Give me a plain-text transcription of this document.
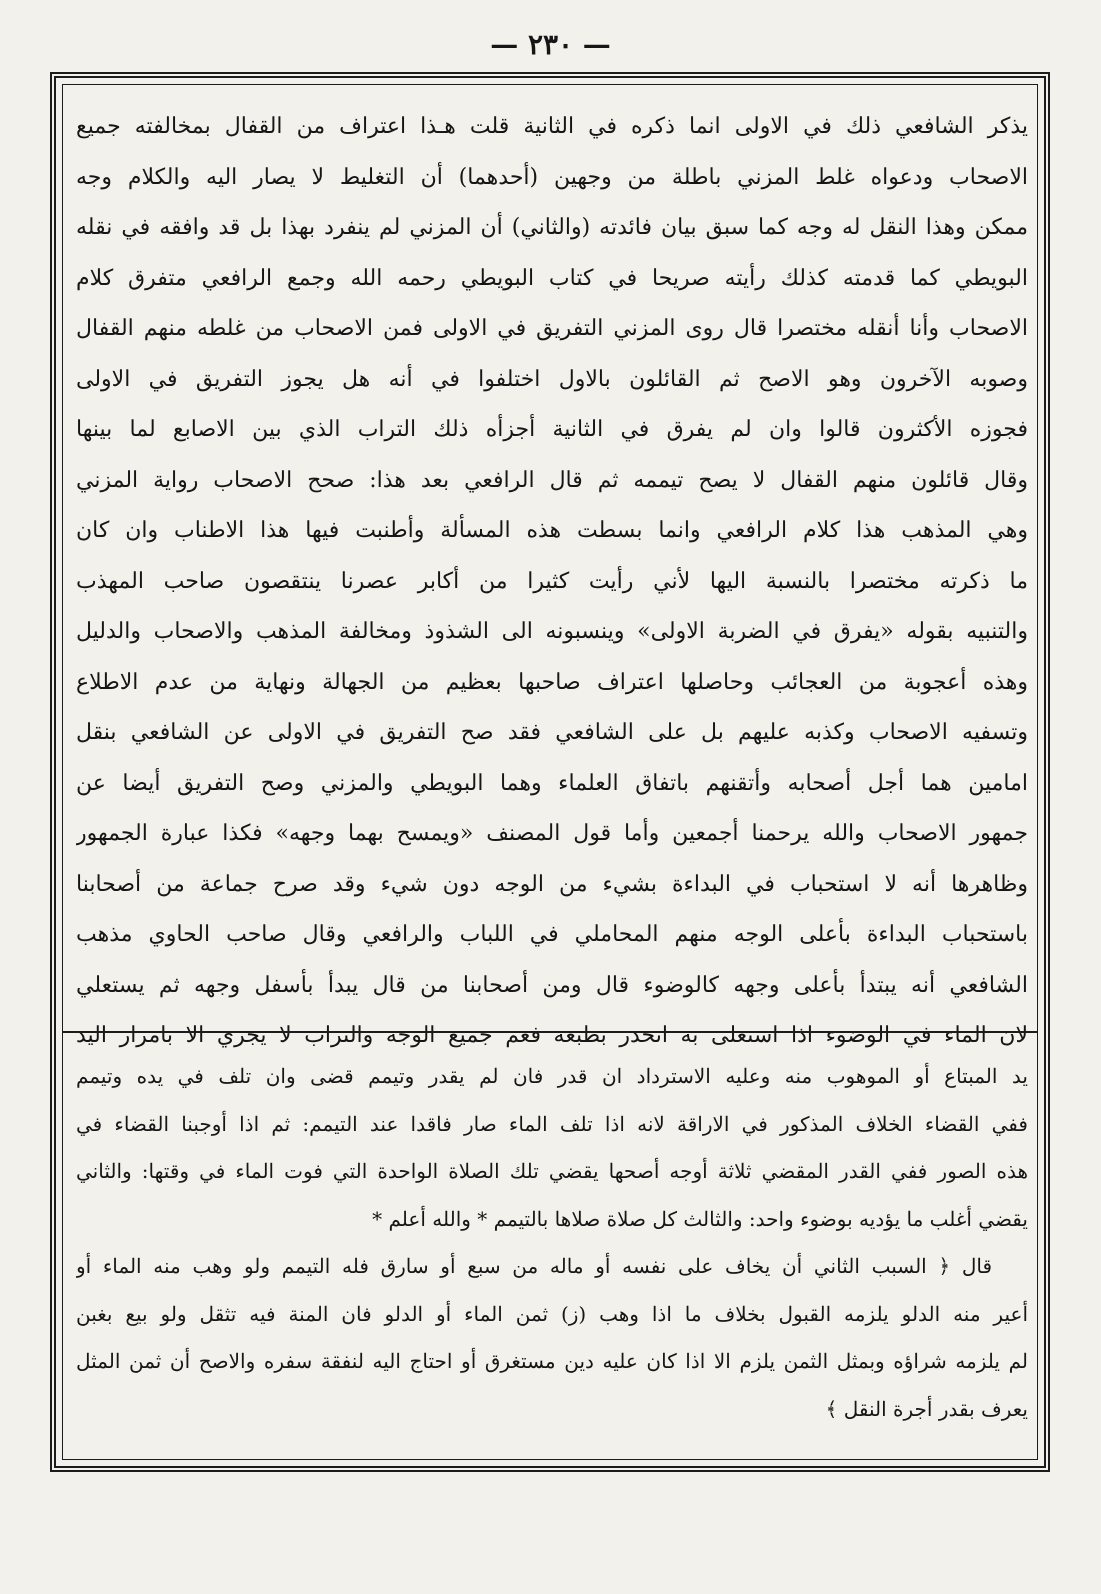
— ٢٣٠ —
يذكر الشافعي ذلك في الاولى انما ذكره في الثانية قلت هـذا اعتراف من القفال بمخالفته جميع
الاصحاب ودعواه غلط المزني باطلة من وجهين (أحدهما) أن التغليط لا يصار اليه والكلام وجه
ممكن وهذا النقل له وجه كما سبق بيان فائدته (والثاني) أن المزني لم ينفرد بهذا بل قد وافقه في نقله
البويطي كما قدمته كذلك رأيته صريحا في كتاب البويطي رحمه الله وجمع الرافعي متفرق كلام
الاصحاب وأنا أنقله مختصرا قال روى المزني التفريق في الاولى فمن الاصحاب من غلطه منهم القفال
وصوبه الآخرون وهو الاصح ثم القائلون بالاول اختلفوا في أنه هل يجوز التفريق في الاولى
فجوزه الأكثرون قالوا وان لم يفرق في الثانية أجزأه ذلك التراب الذي بين الاصابع لما بينها
وقال قائلون منهم القفال لا يصح تيممه ثم قال الرافعي بعد هذا: صحح الاصحاب رواية المزني
وهي المذهب هذا كلام الرافعي وانما بسطت هذه المسألة وأطنبت فيها هذا الاطناب وان كان
ما ذكرته مختصرا بالنسبة اليها لأني رأيت كثيرا من أكابر عصرنا ينتقصون صاحب المهذب
والتنبيه بقوله «يفرق في الضربة الاولى» وينسبونه الى الشذوذ ومخالفة المذهب والاصحاب والدليل
وهذه أعجوبة من العجائب وحاصلها اعتراف صاحبها بعظيم من الجهالة ونهاية من عدم الاطلاع
وتسفيه الاصحاب وكذبه عليهم بل على الشافعي فقد صح التفريق في الاولى عن الشافعي بنقل
امامين هما أجل أصحابه وأتقنهم باتفاق العلماء وهما البويطي والمزني وصح التفريق أيضا عن
جمهور الاصحاب والله يرحمنا أجمعين وأما قول المصنف «ويمسح بهما وجهه» فكذا عبارة الجمهور
وظاهرها أنه لا استحباب في البداءة بشيء من الوجه دون شيء وقد صرح جماعة من أصحابنا
باستحباب البداءة بأعلى الوجه منهم المحاملي في اللباب والرافعي وقال صاحب الحاوي مذهب
الشافعي أنه يبتدأ بأعلى وجهه كالوضوء قال ومن أصحابنا من قال يبدأ بأسفل وجهه ثم يستعلي
لان الماء في الوضوء اذا استعلى به انحدر بطبعه فعم جميع الوجه والتراب لا يجري الا بامرار اليد
يد المبتاع أو الموهوب منه وعليه الاسترداد ان قدر فان لم يقدر وتيمم قضى وان تلف في يده وتيمم
ففي القضاء الخلاف المذكور في الاراقة لانه اذا تلف الماء صار فاقدا عند التيمم: ثم اذا أوجبنا القضاء في
هذه الصور ففي القدر المقضي ثلاثة أوجه أصحها يقضي تلك الصلاة الواحدة التي فوت الماء في وقتها: والثاني
يقضي أغلب ما يؤديه بوضوء واحد: والثالث كل صلاة صلاها بالتيمم * والله أعلم *
قال ﴿ السبب الثاني أن يخاف على نفسه أو ماله من سبع أو سارق فله التيمم ولو وهب منه الماء أو
أعير منه الدلو يلزمه القبول بخلاف ما اذا وهب (ز) ثمن الماء أو الدلو فان المنة فيه تثقل ولو بيع بغبن
لم يلزمه شراؤه وبمثل الثمن يلزم الا اذا كان عليه دين مستغرق أو احتاج اليه لنفقة سفره والاصح أن ثمن المثل
يعرف بقدر أجرة النقل ﴾
